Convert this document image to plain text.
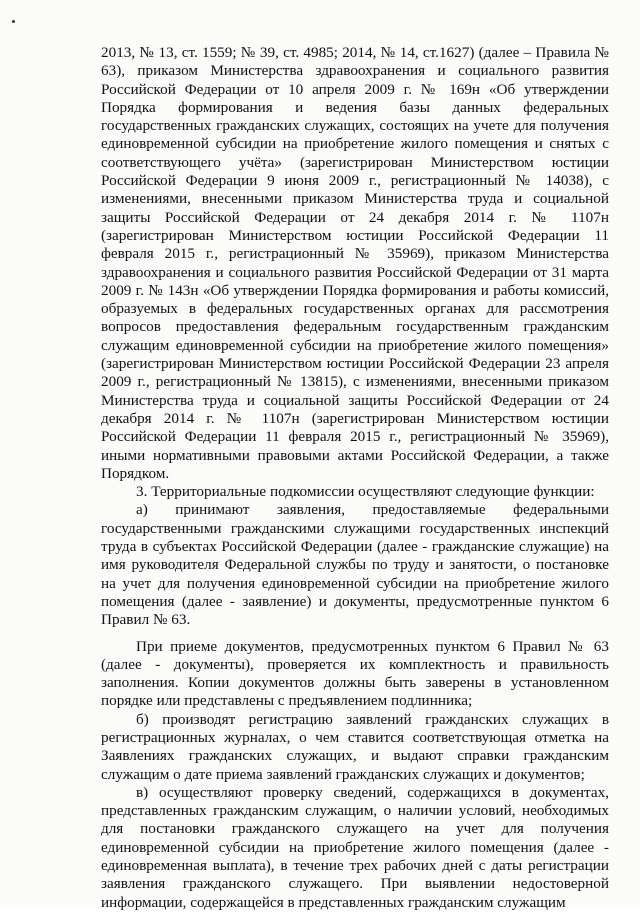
2013, № 13, ст. 1559; № 39, ст. 4985; 2014, № 14, ст.1627) (далее – Правила № 63), приказом Министерства здравоохранения и социального развития Российской Федерации от 10 апреля 2009 г. № 169н «Об утверждении Порядка формирования и ведения базы данных федеральных государственных гражданских служащих, состоящих на учете для получения единовременной субсидии на приобретение жилого помещения и снятых с соответствующего учёта» (зарегистрирован Министерством юстиции Российской Федерации 9 июня 2009 г., регистрационный № 14038), с изменениями, внесенными приказом Министерства труда и социальной защиты Российской Федерации от 24 декабря 2014 г. № 1107н (зарегистрирован Министерством юстиции Российской Федерации 11 февраля 2015 г., регистрационный № 35969), приказом Министерства здравоохранения и социального развития Российской Федерации от 31 марта 2009 г. № 143н «Об утверждении Порядка формирования и работы комиссий, образуемых в федеральных государственных органах для рассмотрения вопросов предоставления федеральным государственным гражданским служащим единовременной субсидии на приобретение жилого помещения» (зарегистрирован Министерством юстиции Российской Федерации 23 апреля 2009 г., регистрационный № 13815), с изменениями, внесенными приказом Министерства труда и социальной защиты Российской Федерации от 24 декабря 2014 г. № 1107н (зарегистрирован Министерством юстиции Российской Федерации 11 февраля 2015 г., регистрационный № 35969), иными нормативными правовыми актами Российской Федерации, а также Порядком.

3. Территориальные подкомиссии осуществляют следующие функции:

а) принимают заявления, предоставляемые федеральными государственными гражданскими служащими государственных инспекций труда в субъектах Российской Федерации (далее - гражданские служащие) на имя руководителя Федеральной службы по труду и занятости, о постановке на учет для получения единовременной субсидии на приобретение жилого помещения (далее - заявление) и документы, предусмотренные пунктом 6 Правил № 63.

При приеме документов, предусмотренных пунктом 6 Правил № 63 (далее - документы), проверяется их комплектность и правильность заполнения. Копии документов должны быть заверены в установленном порядке или представлены с предъявлением подлинника;

б) производят регистрацию заявлений гражданских служащих в регистрационных журналах, о чем ставится соответствующая отметка на Заявлениях гражданских служащих, и выдают справки гражданским служащим о дате приема заявлений гражданских служащих и документов;

в) осуществляют проверку сведений, содержащихся в документах, представленных гражданским служащим, о наличии условий, необходимых для постановки гражданского служащего на учет для получения единовременной субсидии на приобретение жилого помещения (далее - единовременная выплата), в течение трех рабочих дней с даты регистрации заявления гражданского служащего. При выявлении недостоверной информации, содержащейся в представленных гражданским служащим
